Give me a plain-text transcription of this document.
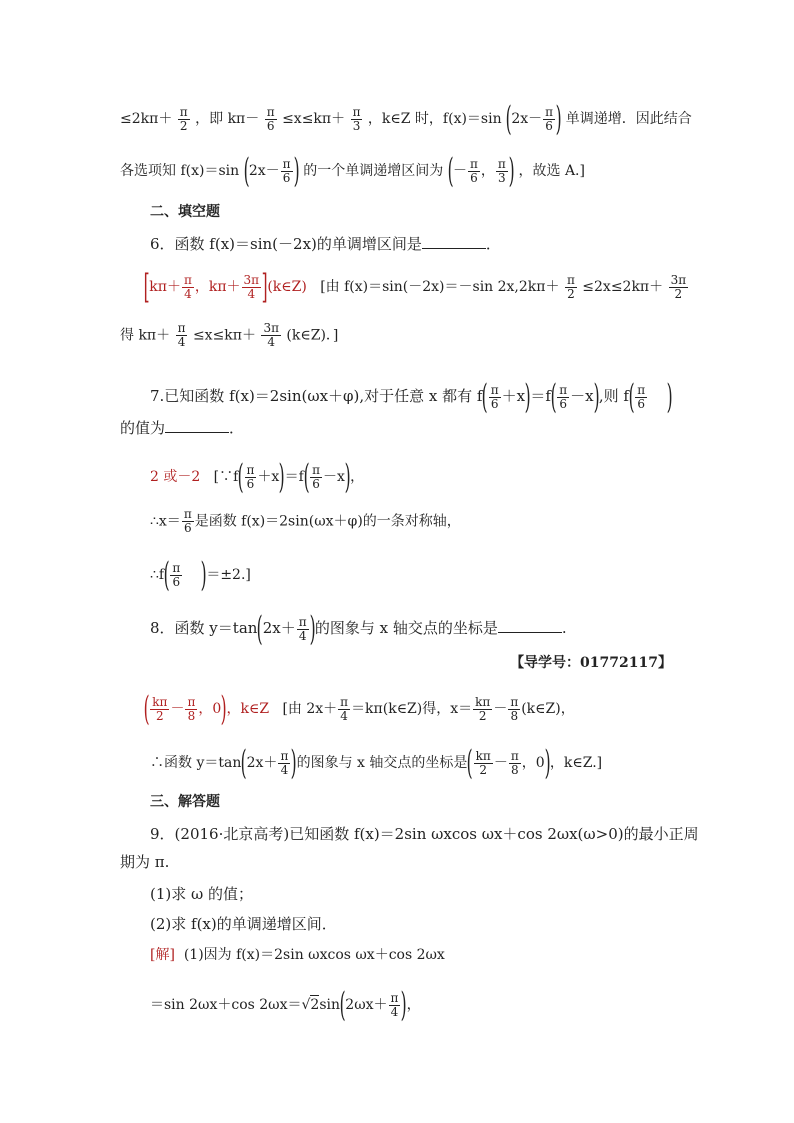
$\le 2k\pi+ \frac{\pi}{2}$ ，即 $k\pi- \frac{\pi}{6} \le x\le k\pi+ \frac{\pi}{3}$ ，k∈Z 时，f(x)＝sin ($2x- \frac{\pi}{6}$ ) 单调递增．因此结合
各选项知 f(x)＝sin ($2x- \frac{\pi}{6}$ ) 的一个单调递增区间为 (－ $\frac{\pi}{6}$ ， $\frac{\pi}{3}$ ) ，故选 A.]
二、填空题
6．函数 f(x)＝sin(－2x)的单调增区间是	．
[$k\pi+ \frac{\pi}{4}$ ，$k\pi+ \frac{3\pi}{4}$ ](k∈Z) [由 f(x)＝sin(－2x)＝－sin $2x,2k\pi+ \frac{\pi}{2} \le 2x\le 2k\pi+ \frac{3\pi}{2}$
得 $k\pi+ \frac{\pi}{4} \le x\le k\pi+ \frac{3\pi}{4}$ (k∈Z)．]
7.已知函数 f(x)＝2sin(ωx＋φ),对于任意 x 都有 $f( \frac{\pi}{6} +x)=f( \frac{\pi}{6} -x)$,则 $f( \frac{\pi}{6}$ )
的值为	．
2 或－2 [∵f( $\frac{\pi}{6} +x)=f( \frac{\pi}{6} -x)$，
∴x＝ $\frac{\pi}{6}$ 是函数 f(x)＝2sin(ωx＋φ)的一条对称轴，
∴f( $\frac{\pi}{6} )=\pm 2$.]
8．函数 $y=\tan(2x+ \frac{\pi}{4}$ )的图象与 x 轴交点的坐标是	.
【导学号：01772117】
( $\frac{k\pi}{2} - \frac{\pi}{8}$ ，0)，k∈Z [由 $2x+ \frac{\pi}{4}$ ＝kπ(k∈Z)得，$x= \frac{k\pi}{2} - \frac{\pi}{8}$ (k∈Z)，
∴函数 $y=\tan(2x+ \frac{\pi}{4}$ )的图象与 x 轴交点的坐标是( $\frac{k\pi}{2} - \frac{\pi}{8}$ ，0)，k∈Z.]
三、解答题
9．(2016·北京高考)已知函数 f(x)＝2sin ωxcos ωx＋cos 2ωx(ω>0)的最小正周
期为 π.
(1)求 ω 的值；
(2)求 f(x)的单调递增区间．
[解] (1)因为 f(x)＝2sin ωxcos ωx＋cos 2ωx
＝sin 2ωx＋cos $2\omega x=√2\sin(2\omega x+ \frac{\pi}{4}$ )，
